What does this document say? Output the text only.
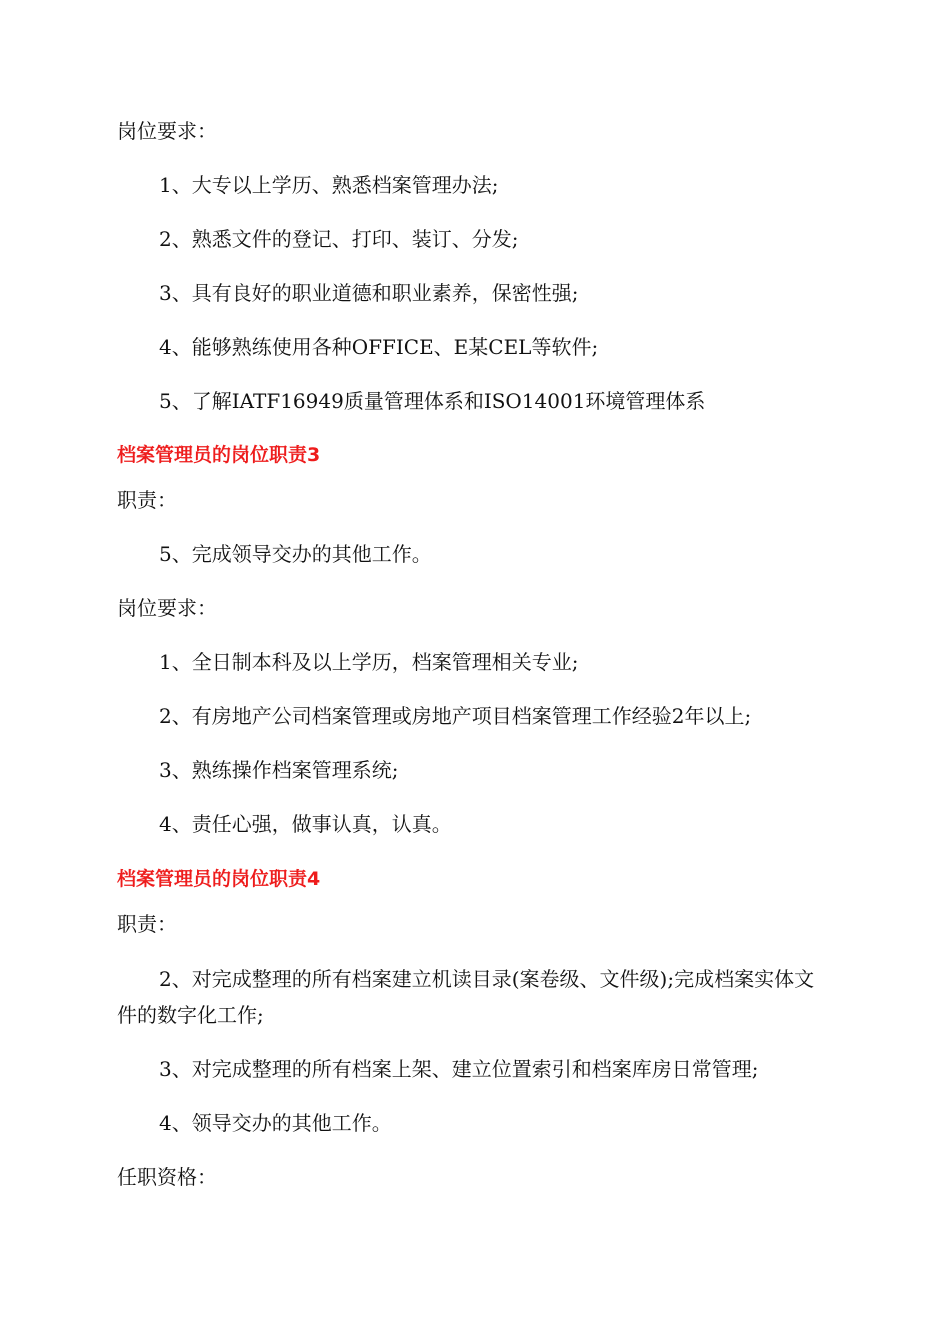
岗位要求：
1、大专以上学历、熟悉档案管理办法;
2、熟悉文件的登记、打印、装订、分发;
3、具有良好的职业道德和职业素养，保密性强;
4、能够熟练使用各种OFFICE、E某CEL等软件;
5、了解IATF16949质量管理体系和ISO14001环境管理体系
档案管理员的岗位职责3
职责：
5、完成领导交办的其他工作。
岗位要求：
1、全日制本科及以上学历，档案管理相关专业;
2、有房地产公司档案管理或房地产项目档案管理工作经验2年以上;
3、熟练操作档案管理系统;
4、责任心强，做事认真，认真。
档案管理员的岗位职责4
职责：
2、对完成整理的所有档案建立机读目录(案卷级、文件级);完成档案实体文件的数字化工作;
3、对完成整理的所有档案上架、建立位置索引和档案库房日常管理;
4、领导交办的其他工作。
任职资格：
